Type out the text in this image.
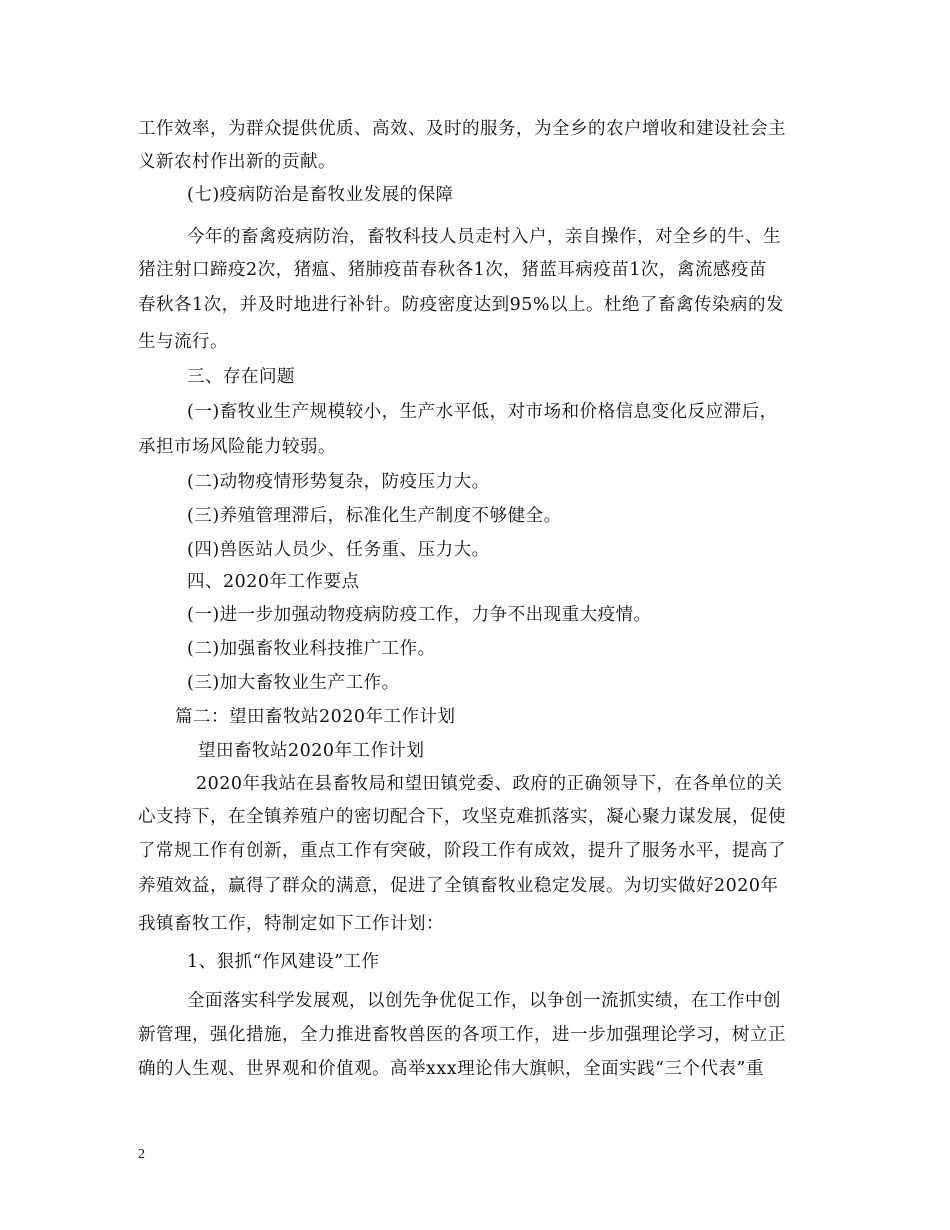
工作效率，为群众提供优质、高效、及时的服务，为全乡的农户增收和建设社会主
义新农村作出新的贡献。
(七)疫病防治是畜牧业发展的保障
今年的畜禽疫病防治，畜牧科技人员走村入户，亲自操作，对全乡的牛、生
猪注射口蹄疫2次，猪瘟、猪肺疫苗春秋各1次，猪蓝耳病疫苗1次，禽流感疫苗
春秋各1次，并及时地进行补针。防疫密度达到95%以上。杜绝了畜禽传染病的发
生与流行。
三、存在问题
(一)畜牧业生产规模较小，生产水平低，对市场和价格信息变化反应滞后，
承担市场风险能力较弱。
(二)动物疫情形势复杂，防疫压力大。
(三)养殖管理滞后，标准化生产制度不够健全。
(四)兽医站人员少、任务重、压力大。
四、2020年工作要点
(一)进一步加强动物疫病防疫工作，力争不出现重大疫情。
(二)加强畜牧业科技推广工作。
(三)加大畜牧业生产工作。
篇二：望田畜牧站2020年工作计划
望田畜牧站2020年工作计划
2020年我站在县畜牧局和望田镇党委、政府的正确领导下，在各单位的关
心支持下，在全镇养殖户的密切配合下，攻坚克难抓落实，凝心聚力谋发展，促使
了常规工作有创新，重点工作有突破，阶段工作有成效，提升了服务水平，提高了
养殖效益，赢得了群众的满意，促进了全镇畜牧业稳定发展。为切实做好2020年
我镇畜牧工作，特制定如下工作计划：
1、狠抓“作风建设”工作
全面落实科学发展观，以创先争优促工作，以争创一流抓实绩，在工作中创
新管理，强化措施，全力推进畜牧兽医的各项工作，进一步加强理论学习，树立正
确的人生观、世界观和价值观。高举xxx理论伟大旗帜，全面实践“三个代表”重
2
